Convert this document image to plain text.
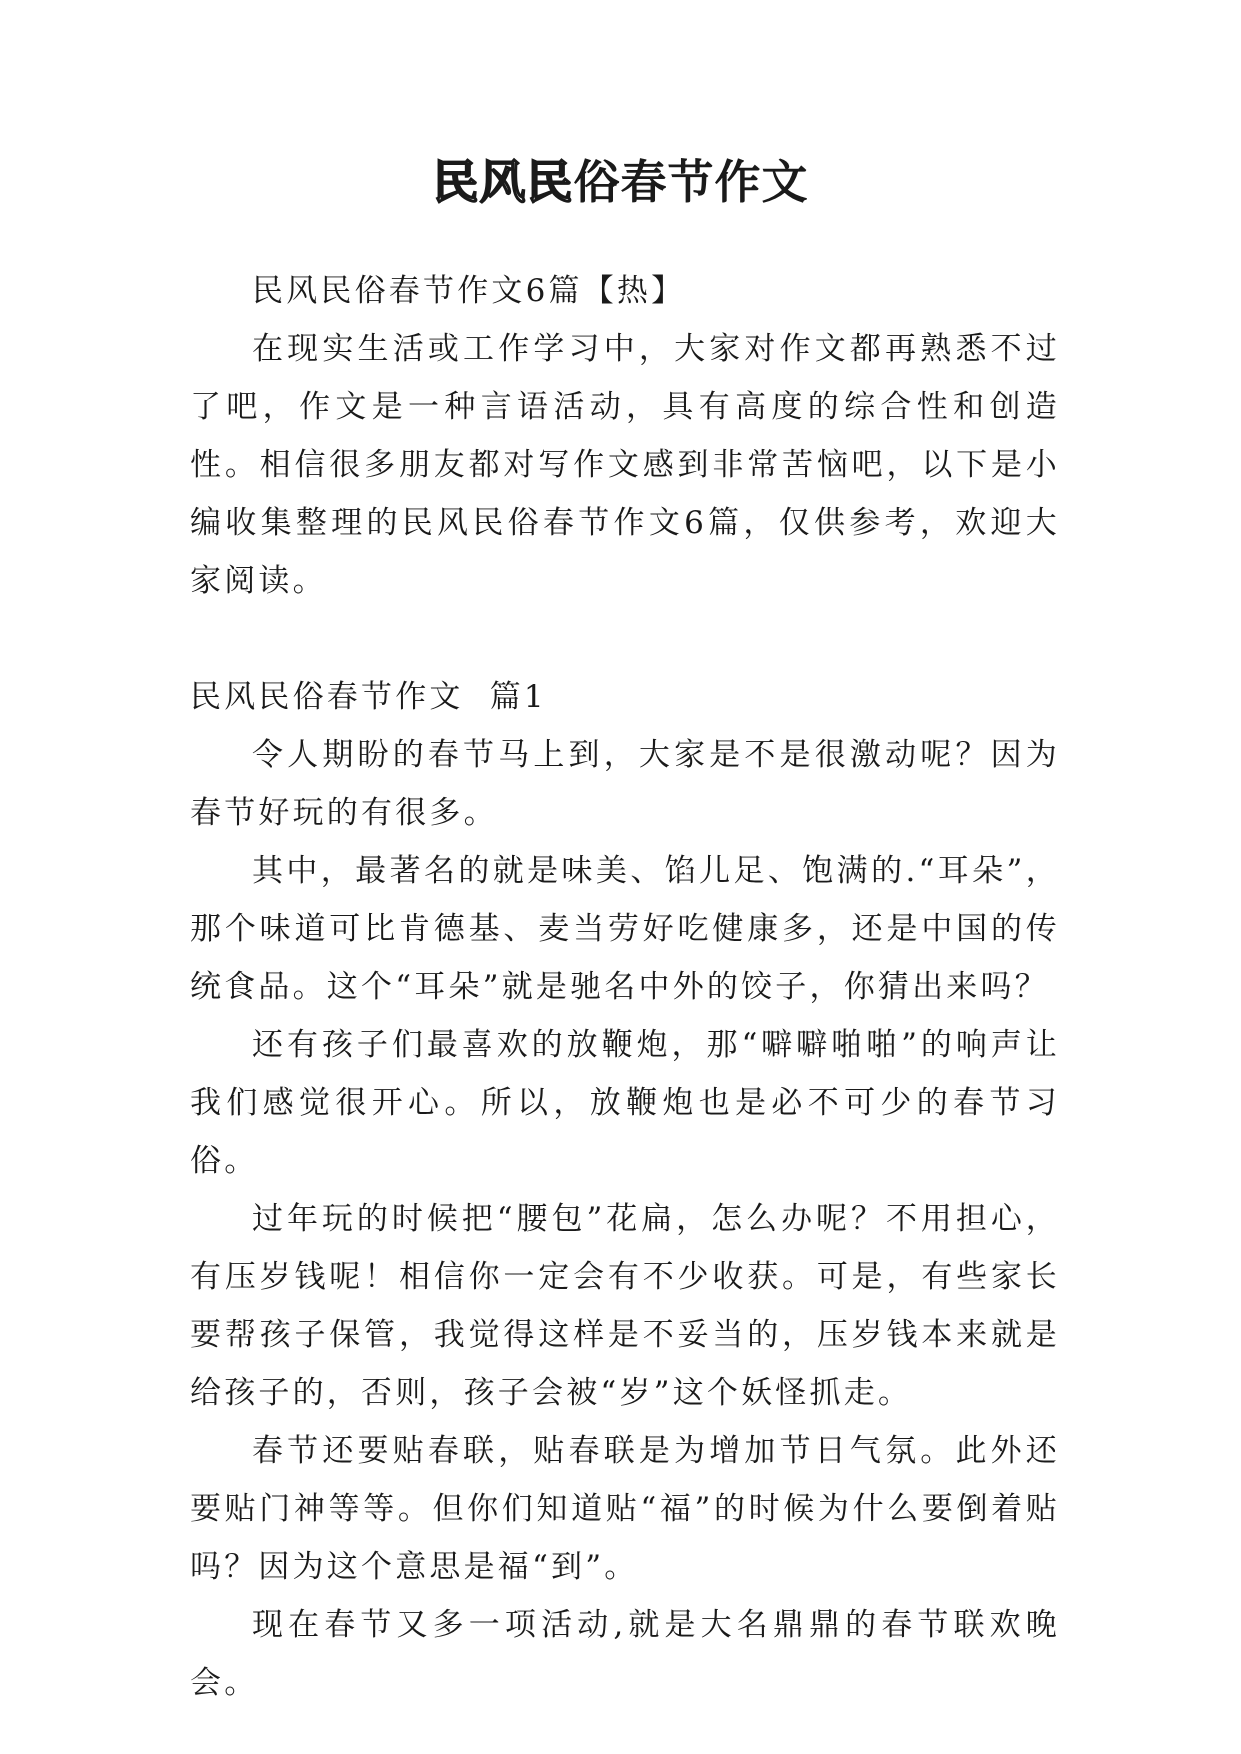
民风民俗春节作文

民风民俗春节作文6篇【热】

在现实生活或工作学习中，大家对作文都再熟悉不过了吧，作文是一种言语活动，具有高度的综合性和创造性。相信很多朋友都对写作文感到非常苦恼吧，以下是小编收集整理的民风民俗春节作文6篇，仅供参考，欢迎大家阅读。

民风民俗春节作文  篇1

令人期盼的春节马上到，大家是不是很激动呢？因为春节好玩的有很多。

其中，最著名的就是味美、馅儿足、饱满的.“耳朵”，那个味道可比肯德基、麦当劳好吃健康多，还是中国的传统食品。这个“耳朵”就是驰名中外的饺子，你猜出来吗？

还有孩子们最喜欢的放鞭炮，那“噼噼啪啪”的响声让我们感觉很开心。所以，放鞭炮也是必不可少的春节习俗。

过年玩的时候把“腰包”花扁，怎么办呢？不用担心，有压岁钱呢！相信你一定会有不少收获。可是，有些家长要帮孩子保管，我觉得这样是不妥当的，压岁钱本来就是给孩子的，否则，孩子会被“岁”这个妖怪抓走。

春节还要贴春联，贴春联是为增加节日气氛。此外还要贴门神等等。但你们知道贴“福”的时候为什么要倒着贴吗？因为这个意思是福“到”。

现在春节又多一项活动,就是大名鼎鼎的春节联欢晚会。
